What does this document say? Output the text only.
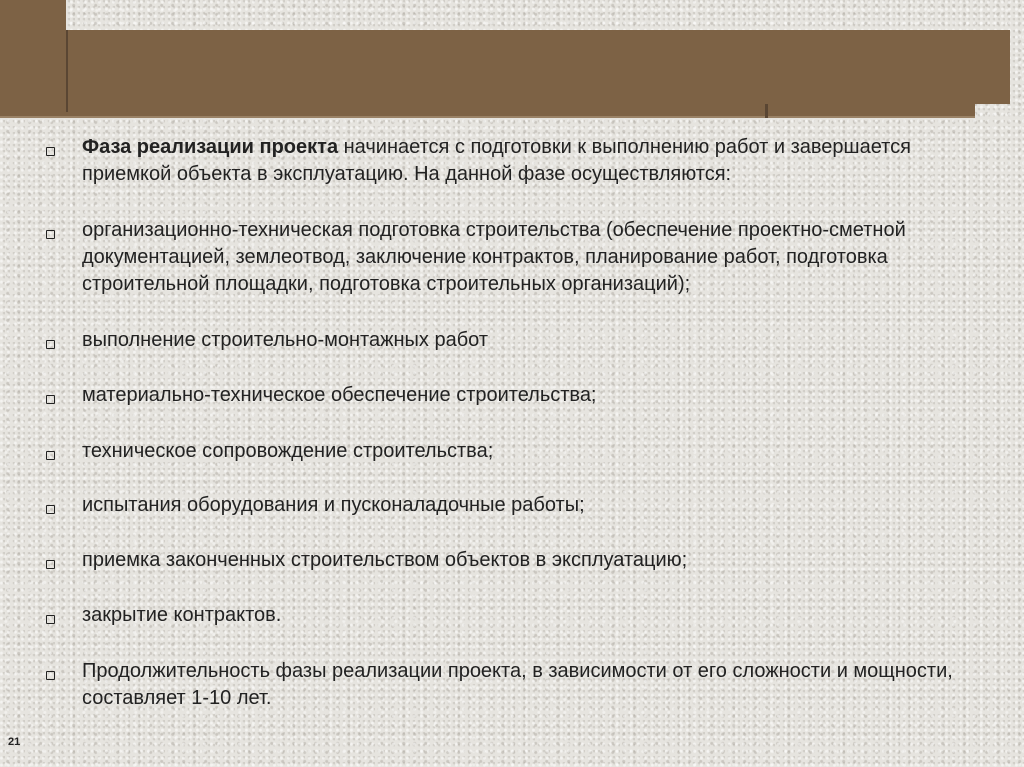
Фаза реализации проекта начинается с подготовки к выполнению работ и завершается приемкой объекта в эксплуатацию. На данной фазе осуществляются:
организационно-техническая подготовка строительства (обеспечение проектно-сметной документацией, землеотвод, заключение контрактов, планирование работ, подготовка строительной площадки, подготовка строительных организаций);
выполнение строительно-монтажных работ
материально-техническое обеспечение строительства;
техническое сопровождение строительства;
испытания оборудования и пусконаладочные работы;
приемка законченных строительством объектов в эксплуатацию;
закрытие контрактов.
Продолжительность фазы реализации проекта, в зависимости от его сложности и мощности, составляет 1-10 лет.
21
